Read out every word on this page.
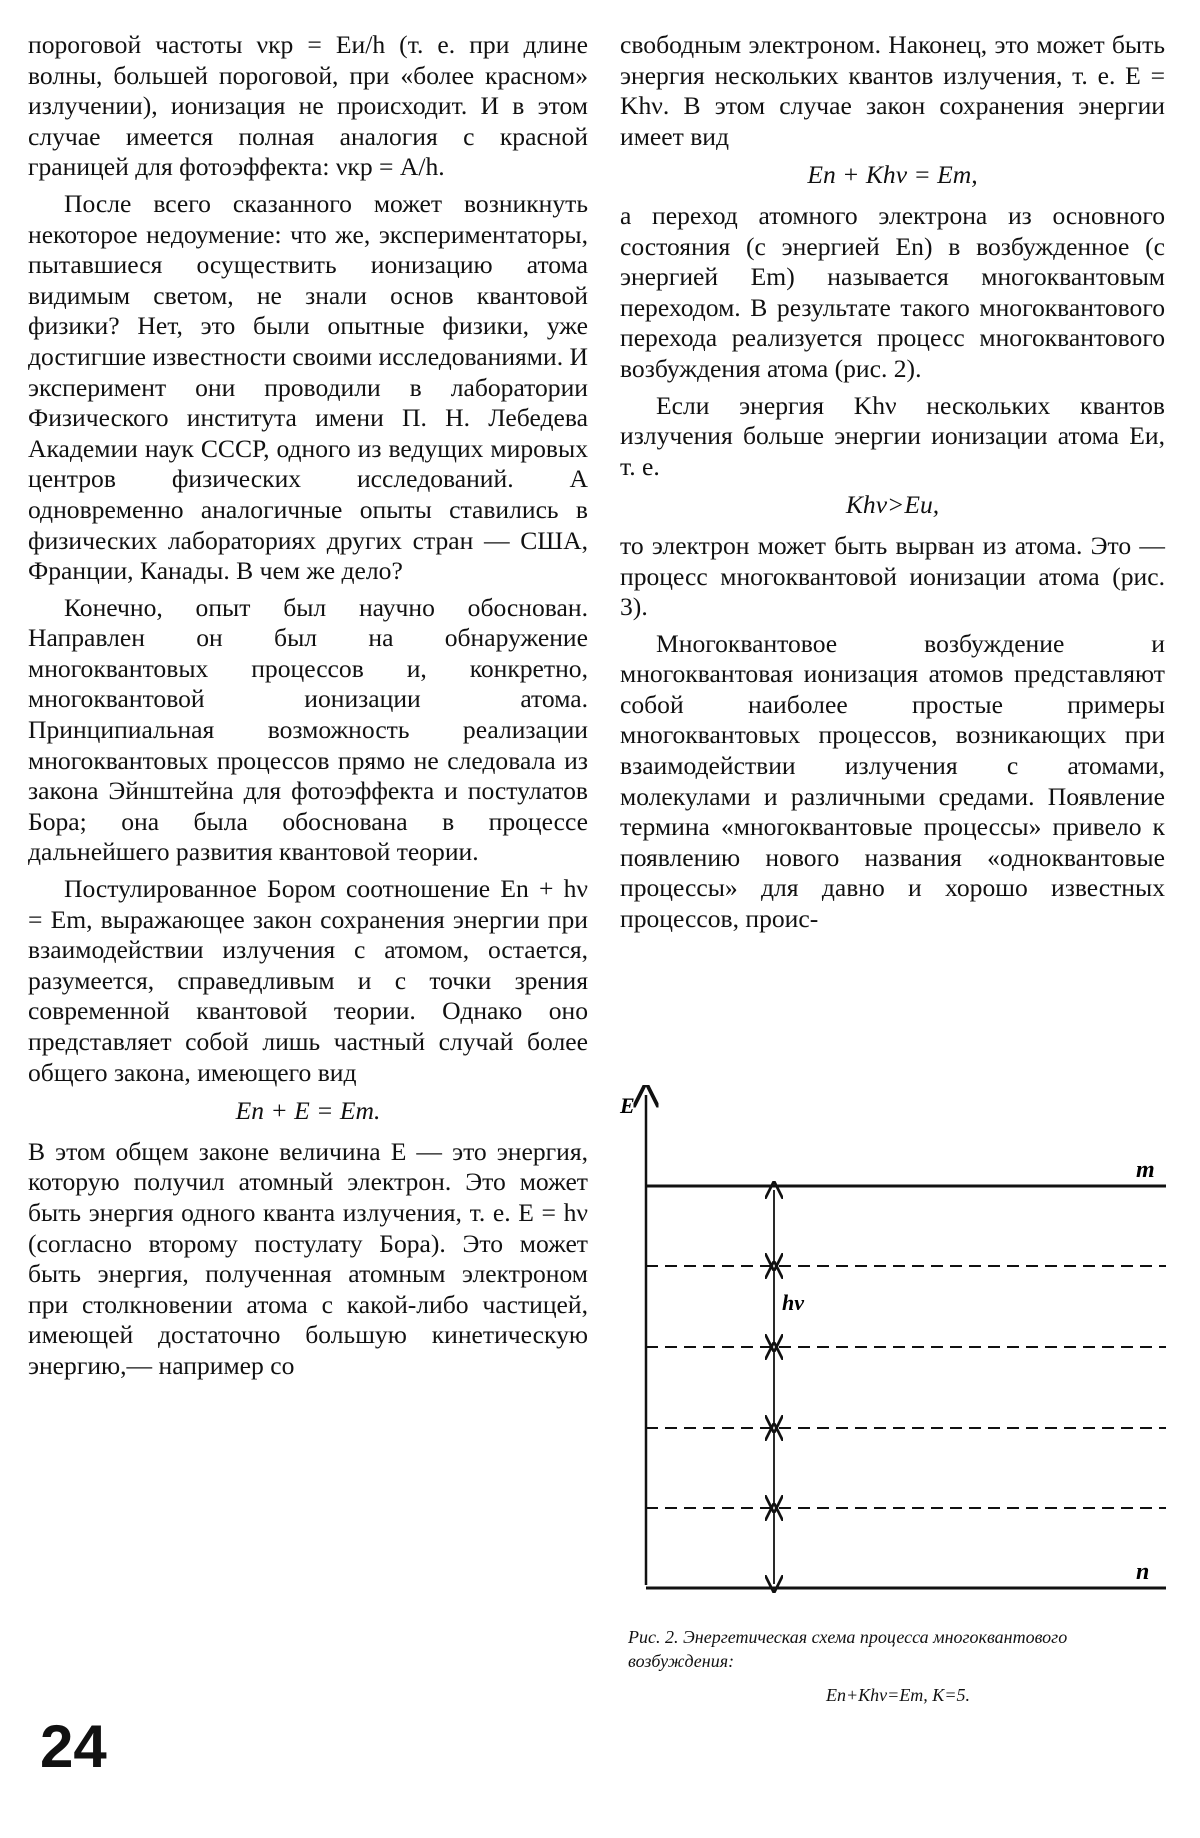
пороговой частоты νкр = Еи/h (т. е. при длине волны, большей пороговой, при «более красном» излучении), ионизация не происходит. И в этом случае имеется полная аналогия с красной границей для фотоэффекта: νкр = A/h.

После всего сказанного может возникнуть некоторое недоумение: что же, экспериментаторы, пытавшиеся осуществить ионизацию атома видимым светом, не знали основ квантовой физики? Нет, это были опытные физики, уже достигшие известности своими исследованиями. И эксперимент они проводили в лаборатории Физического института имени П. Н. Лебедева Академии наук СССР, одного из ведущих мировых центров физических исследований. А одновременно аналогичные опыты ставились в физических лабораториях других стран — США, Франции, Канады. В чем же дело?

Конечно, опыт был научно обоснован. Направлен он был на обнаружение многоквантовых процессов и, конкретно, многоквантовой ионизации атома. Принципиальная возможность реализации многоквантовых процессов прямо не следовала из закона Эйнштейна для фотоэффекта и постулатов Бора; она была обоснована в процессе дальнейшего развития квантовой теории.

Постулированное Бором соотношение Еn + hν = Еm, выражающее закон сохранения энергии при взаимодействии излучения с атомом, остается, разумеется, справедливым и с точки зрения современной квантовой теории. Однако оно представляет собой лишь частный случай более общего закона, имеющего вид

Еn + Е = Еm.

В этом общем законе величина Е — это энергия, которую получил атомный электрон. Это может быть энергия одного кванта излучения, т. е. Е = hν (согласно второму постулату Бора). Это может быть энергия, полученная атомным электроном при столкновении атома с какой-либо частицей, имеющей достаточно большую кинетическую энергию,— например со

свободным электроном. Наконец, это может быть энергия нескольких квантов излучения, т. е. Е = Khν. В этом случае закон сохранения энергии имеет вид

Еn + Khν = Еm,

а переход атомного электрона из основного состояния (с энергией Еn) в возбужденное (с энергией Еm) называется многоквантовым переходом. В результате такого многоквантового перехода реализуется процесс многоквантового возбуждения атома (рис. 2).

Если энергия Khν нескольких квантов излучения больше энергии ионизации атома Еи, т. е.

Khν>Еи,

то электрон может быть вырван из атома. Это — процесс многоквантовой ионизации атома (рис. 3).

Многоквантовое возбуждение и многоквантовая ионизация атомов представляют собой наиболее простые примеры многоквантовых процессов, возникающих при взаимодействии излучения с атомами, молекулами и различными средами. Появление термина «многоквантовые процессы» привело к появлению нового названия «одноквантовые процессы» для давно и хорошо известных процессов, проис-

E
m
n
hν
Рис. 2. Энергетическая схема процесса многоквантового возбуждения:
Еn+Khν=Еm, K=5.
24
